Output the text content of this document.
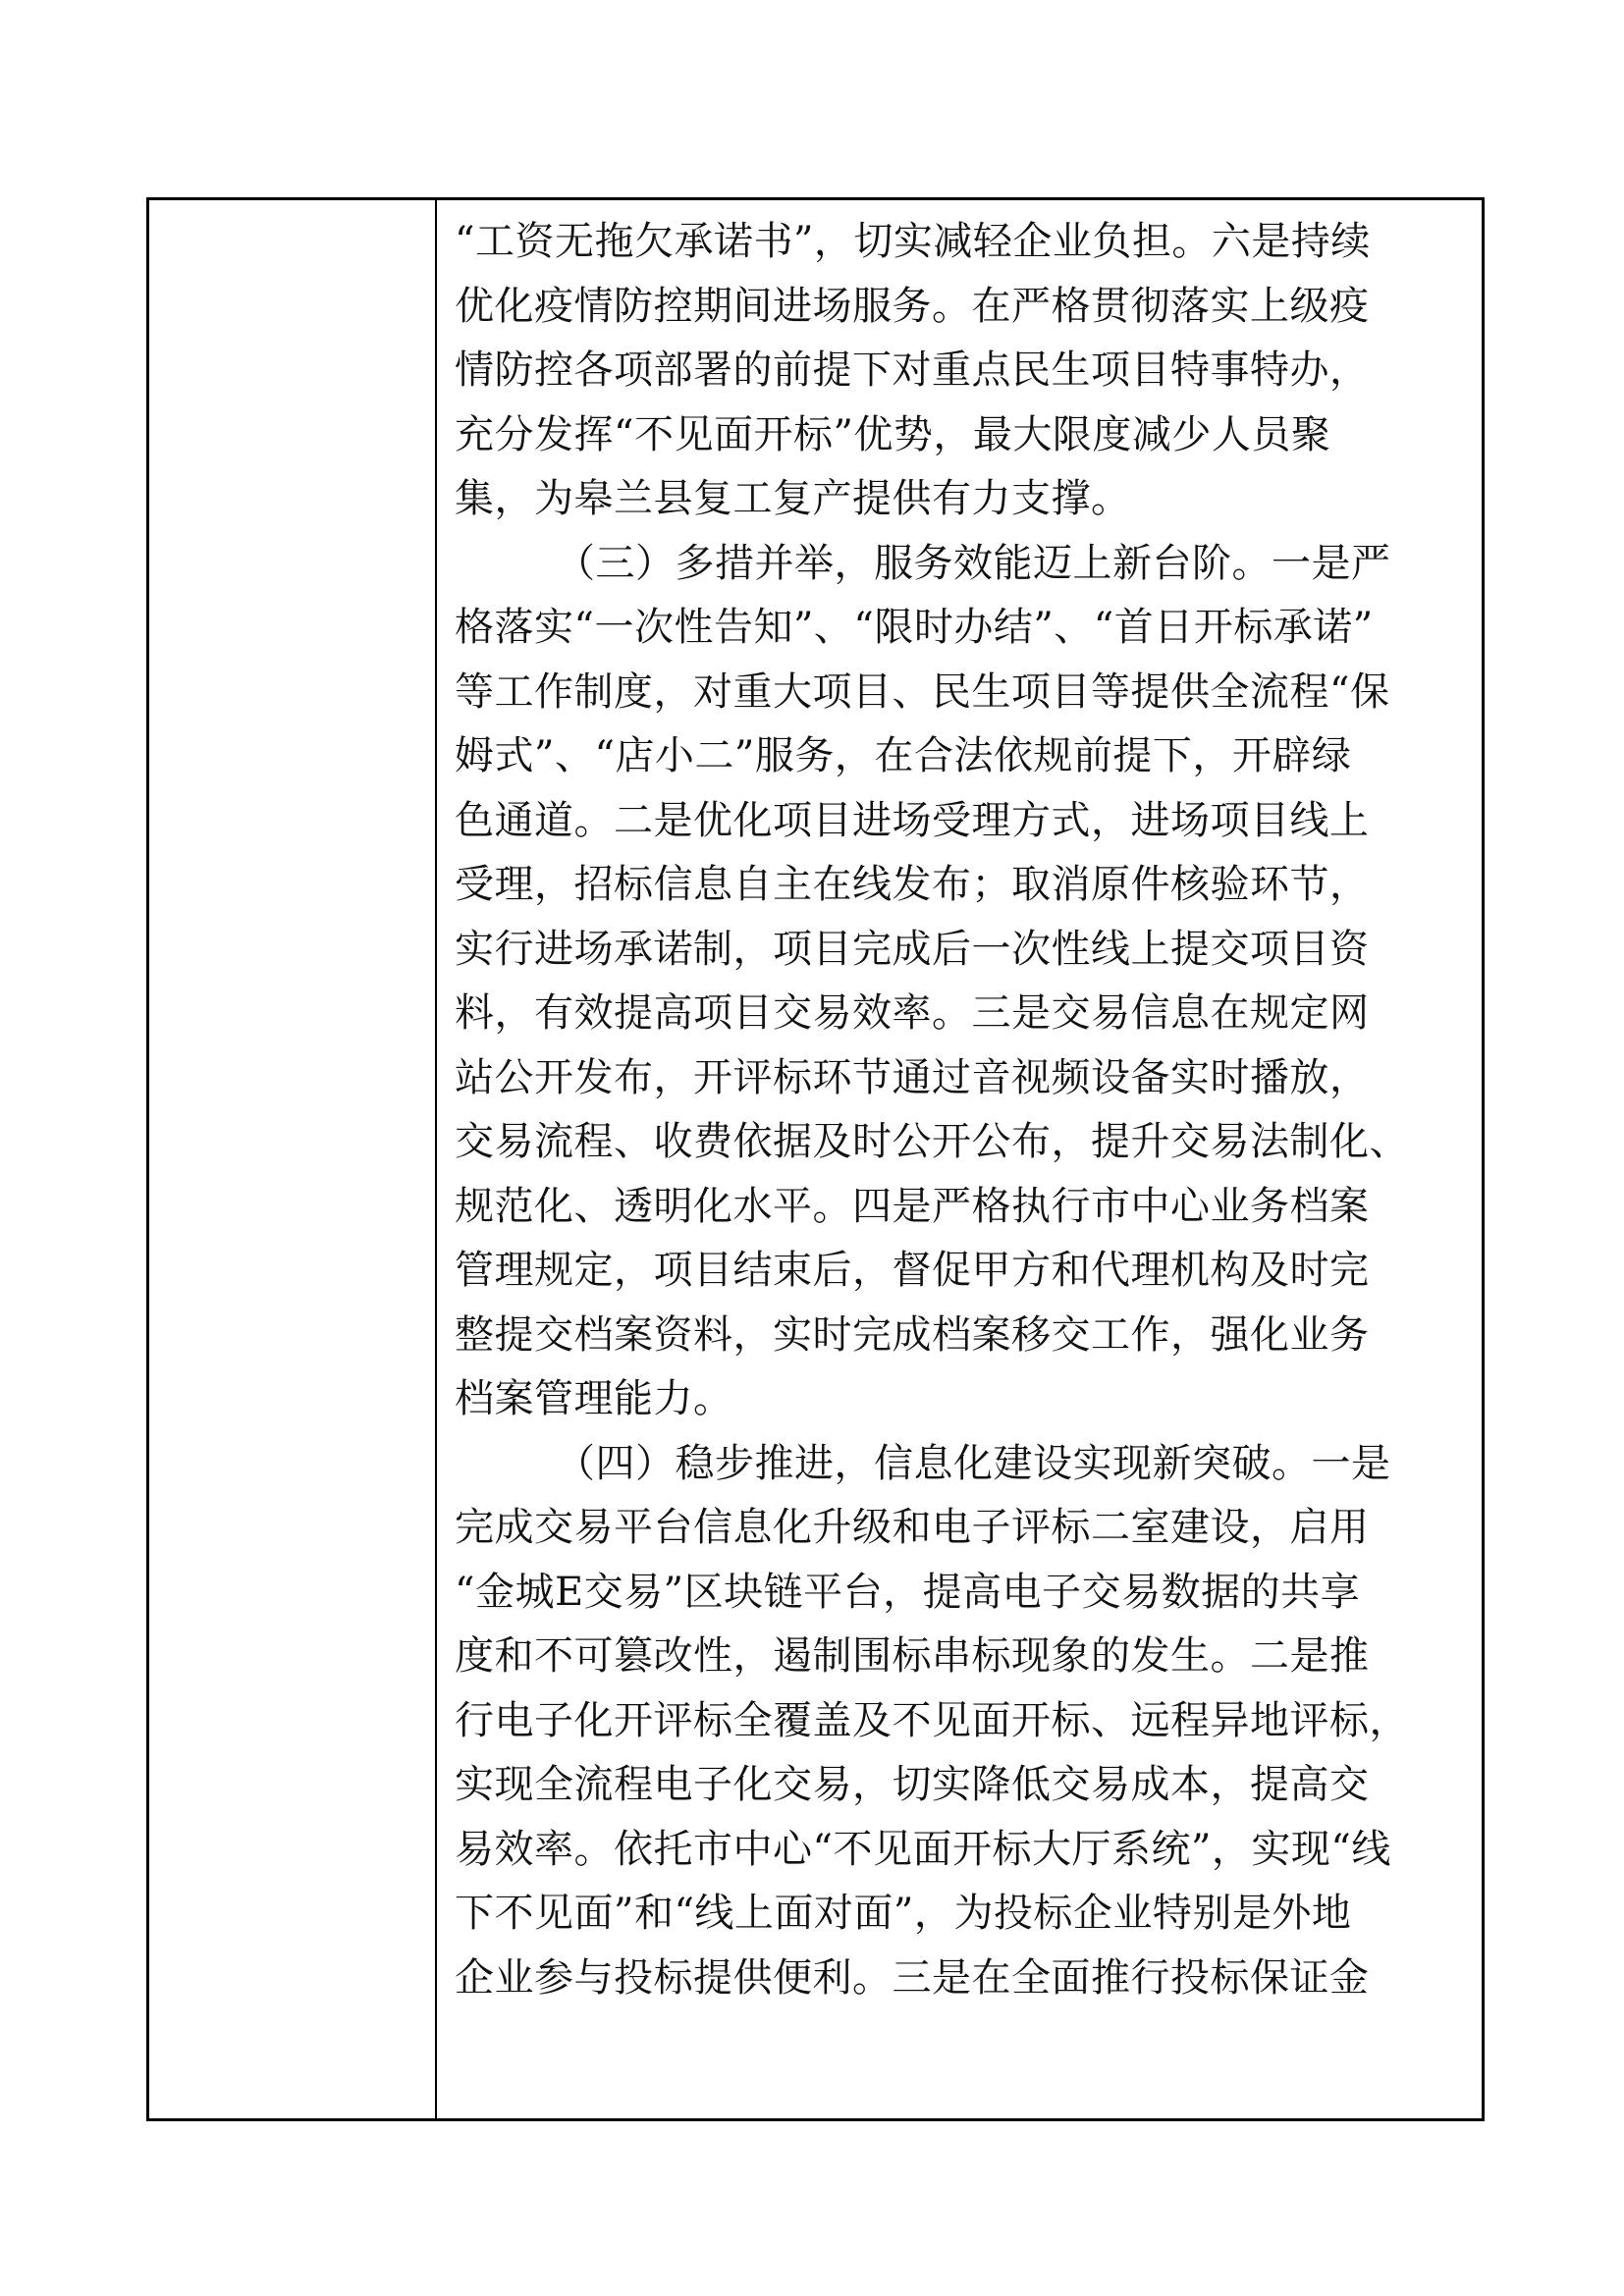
“工资无拖欠承诺书”，切实减轻企业负担。六是持续
优化疫情防控期间进场服务。在严格贯彻落实上级疫
情防控各项部署的前提下对重点民生项目特事特办，
充分发挥“不见面开标”优势，最大限度减少人员聚
集，为皋兰县复工复产提供有力支撑。
（三）多措并举，服务效能迈上新台阶。一是严
格落实“一次性告知”、“限时办结”、“首日开标承诺”
等工作制度，对重大项目、民生项目等提供全流程“保
姆式”、“店小二”服务，在合法依规前提下，开辟绿
色通道。二是优化项目进场受理方式，进场项目线上
受理，招标信息自主在线发布；取消原件核验环节，
实行进场承诺制，项目完成后一次性线上提交项目资
料，有效提高项目交易效率。三是交易信息在规定网
站公开发布，开评标环节通过音视频设备实时播放，
交易流程、收费依据及时公开公布，提升交易法制化、
规范化、透明化水平。四是严格执行市中心业务档案
管理规定，项目结束后，督促甲方和代理机构及时完
整提交档案资料，实时完成档案移交工作，强化业务
档案管理能力。
（四）稳步推进，信息化建设实现新突破。一是
完成交易平台信息化升级和电子评标二室建设，启用
“金城E交易”区块链平台，提高电子交易数据的共享
度和不可篡改性，遏制围标串标现象的发生。二是推
行电子化开评标全覆盖及不见面开标、远程异地评标，
实现全流程电子化交易，切实降低交易成本，提高交
易效率。依托市中心“不见面开标大厅系统”，实现“线
下不见面”和“线上面对面”，为投标企业特别是外地
企业参与投标提供便利。三是在全面推行投标保证金
